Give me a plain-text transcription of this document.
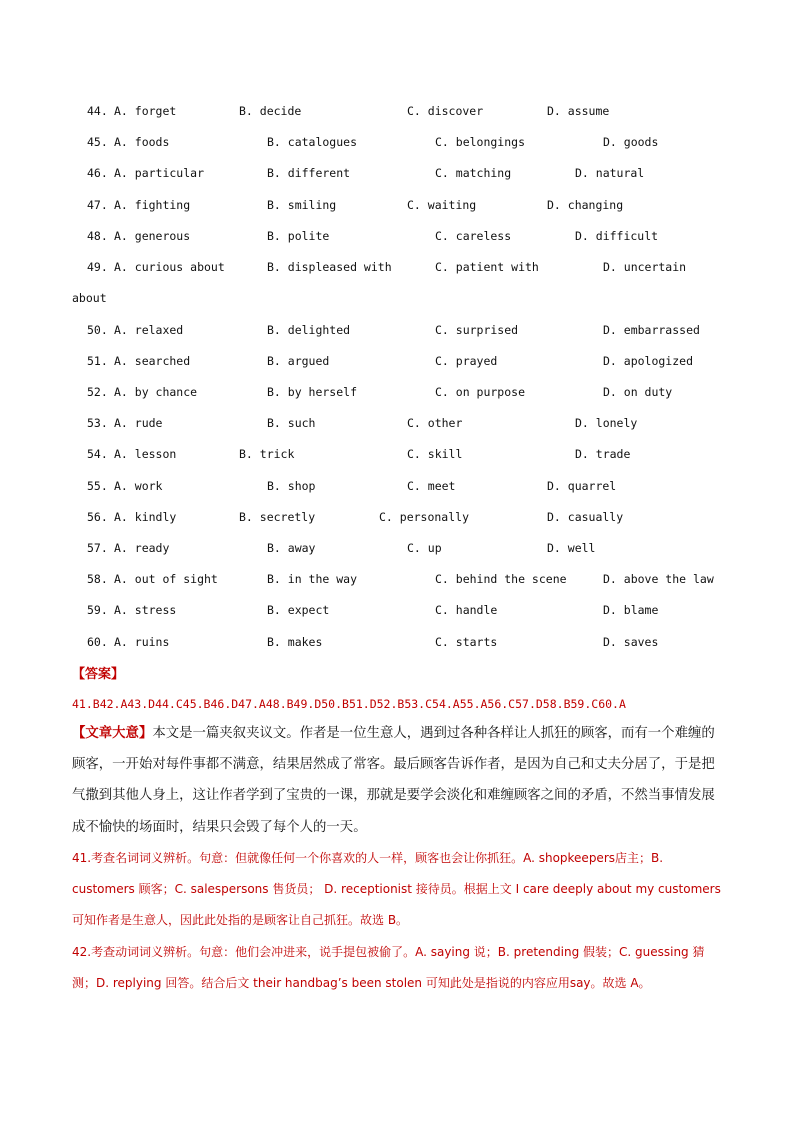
44. A. forget	B. decide	C. discover	D. assume
45. A. foods	B. catalogues	C. belongings	D. goods
46. A. particular	B. different	C. matching	D. natural
47. A. fighting	B. smiling	C. waiting	D. changing
48. A. generous	B. polite	C. careless	D. difficult
49. A. curious about	B. displeased with	C. patient with	D. uncertain
about
50. A. relaxed	B. delighted	C. surprised	D. embarrassed
51. A. searched	B. argued	C. prayed	D. apologized
52. A. by chance	B. by herself	C. on purpose	D. on duty
53. A. rude	B. such	C. other	D. lonely
54. A. lesson	B. trick	C. skill	D. trade
55. A. work	B. shop	C. meet	D. quarrel
56. A. kindly	B. secretly	C. personally	D. casually
57. A. ready	B. away	C. up	D. well
58. A. out of sight	B. in the way	C. behind the scene	D. above the law
59. A. stress	B. expect	C. handle	D. blame
60. A. ruins	B. makes	C. starts	D. saves
【答案】
41.B42.A43.D44.C45.B46.D47.A48.B49.D50.B51.D52.B53.C54.A55.A56.C57.D58.B59.C60.A
【文章大意】本文是一篇夹叙夹议文。作者是一位生意人，遇到过各种各样让人抓狂的顾客，而有一个难缠的顾客，一开始对每件事都不满意，结果居然成了常客。最后顾客告诉作者，是因为自己和丈夫分居了，于是把气撒到其他人身上，这让作者学到了宝贵的一课，那就是要学会淡化和难缠顾客之间的矛盾，不然当事情发展成不愉快的场面时，结果只会毁了每个人的一天。
41.考查名词词义辨析。句意：但就像任何一个你喜欢的人一样，顾客也会让你抓狂。A. shopkeepers店主；B. customers 顾客；C. salespersons 售货员； D. receptionist 接待员。根据上文 I care deeply about my customers 可知作者是生意人，因此此处指的是顾客让自己抓狂。故选 B。
42.考查动词词义辨析。句意：他们会冲进来，说手提包被偷了。A. saying 说；B. pretending 假装；C. guessing 猜测；D. replying 回答。结合后文 their handbag’s been stolen 可知此处是指说的内容应用say。故选 A。
